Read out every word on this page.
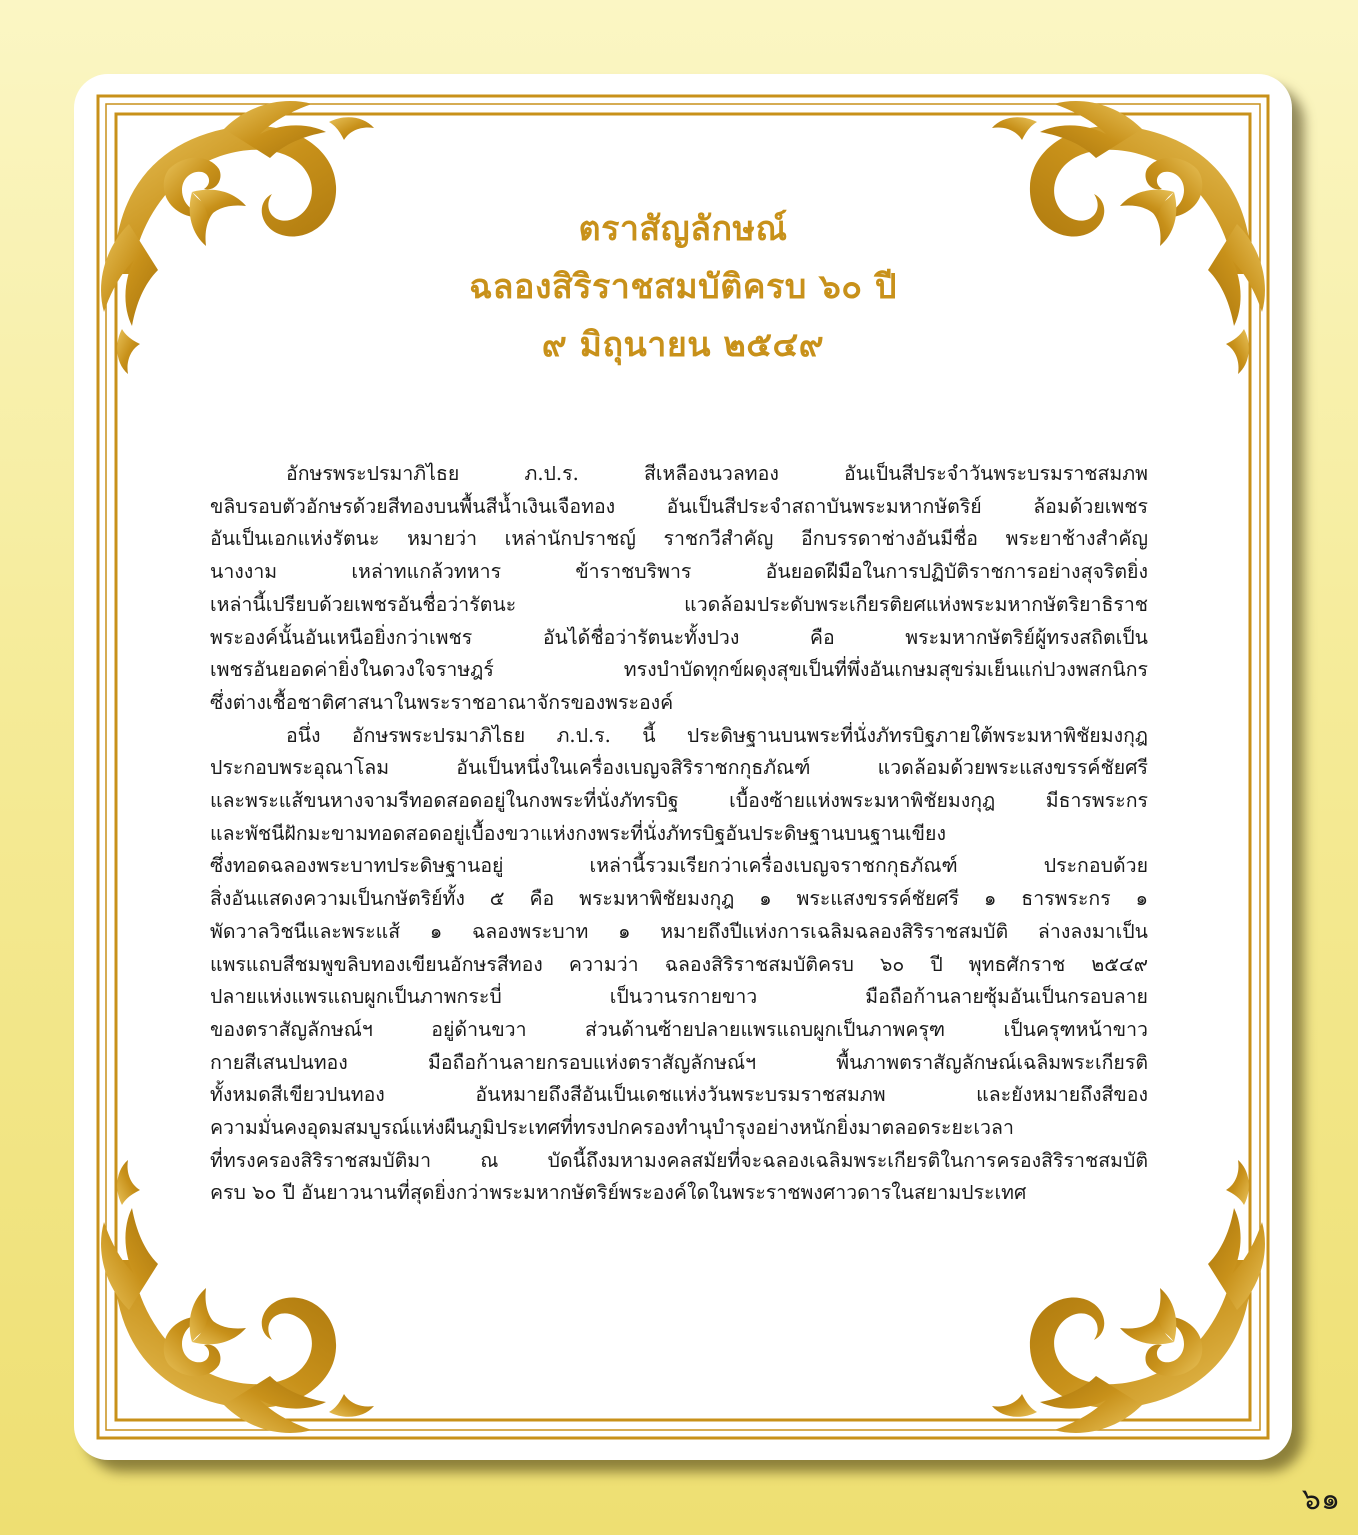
ตราสัญลักษณ์
ฉลองสิริราชสมบัติครบ ๖๐ ปี
๙ มิถุนายน ๒๕๔๙
อักษรพระปรมาภิไธย ภ.ป.ร. สีเหลืองนวลทอง อันเป็นสีประจำวันพระบรมราชสมภพ
ขลิบรอบตัวอักษรด้วยสีทองบนพื้นสีน้ำเงินเจือทอง อันเป็นสีประจำสถาบันพระมหากษัตริย์ ล้อมด้วยเพชร
อันเป็นเอกแห่งรัตนะ หมายว่า เหล่านักปราชญ์ ราชกวีสำคัญ อีกบรรดาช่างอันมีชื่อ พระยาช้างสำคัญ
นางงาม เหล่าทแกล้วทหาร ข้าราชบริพาร อันยอดฝีมือในการปฏิบัติราชการอย่างสุจริตยิ่ง
เหล่านี้เปรียบด้วยเพชรอันชื่อว่ารัตนะ แวดล้อมประดับพระเกียรติยศแห่งพระมหากษัตริยาธิราช
พระองค์นั้นอันเหนือยิ่งกว่าเพชร อันได้ชื่อว่ารัตนะทั้งปวง คือ พระมหากษัตริย์ผู้ทรงสถิตเป็น
เพชรอันยอดค่ายิ่งในดวงใจราษฎร์ ทรงบำบัดทุกข์ผดุงสุขเป็นที่พึ่งอันเกษมสุขร่มเย็นแก่ปวงพสกนิกร
ซึ่งต่างเชื้อชาติศาสนาในพระราชอาณาจักรของพระองค์
อนึ่ง อักษรพระปรมาภิไธย ภ.ป.ร. นี้ ประดิษฐานบนพระที่นั่งภัทรบิฐภายใต้พระมหาพิชัยมงกุฎ
ประกอบพระอุณาโลม อันเป็นหนึ่งในเครื่องเบญจสิริราชกกุธภัณฑ์ แวดล้อมด้วยพระแสงขรรค์ชัยศรี
และพระแส้ขนหางจามรีทอดสอดอยู่ในกงพระที่นั่งภัทรบิฐ เบื้องซ้ายแห่งพระมหาพิชัยมงกุฎ มีธารพระกร
และพัชนีฝักมะขามทอดสอดอยู่เบื้องขวาแห่งกงพระที่นั่งภัทรบิฐอันประดิษฐานบนฐานเขียง
ซึ่งทอดฉลองพระบาทประดิษฐานอยู่ เหล่านี้รวมเรียกว่าเครื่องเบญจราชกกุธภัณฑ์ ประกอบด้วย
สิ่งอันแสดงความเป็นกษัตริย์ทั้ง ๕ คือ พระมหาพิชัยมงกุฎ ๑ พระแสงขรรค์ชัยศรี ๑ ธารพระกร ๑
พัดวาลวิชนีและพระแส้ ๑ ฉลองพระบาท ๑ หมายถึงปีแห่งการเฉลิมฉลองสิริราชสมบัติ ล่างลงมาเป็น
แพรแถบสีชมพูขลิบทองเขียนอักษรสีทอง ความว่า ฉลองสิริราชสมบัติครบ ๖๐ ปี พุทธศักราช ๒๕๔๙
ปลายแห่งแพรแถบผูกเป็นภาพกระบี่ เป็นวานรกายขาว มือถือก้านลายซุ้มอันเป็นกรอบลาย
ของตราสัญลักษณ์ฯ อยู่ด้านขวา ส่วนด้านซ้ายปลายแพรแถบผูกเป็นภาพครุฑ เป็นครุฑหน้าขาว
กายสีเสนปนทอง มือถือก้านลายกรอบแห่งตราสัญลักษณ์ฯ พื้นภาพตราสัญลักษณ์เฉลิมพระเกียรติ
ทั้งหมดสีเขียวปนทอง อันหมายถึงสีอันเป็นเดชแห่งวันพระบรมราชสมภพ และยังหมายถึงสีของ
ความมั่นคงอุดมสมบูรณ์แห่งผืนภูมิประเทศที่ทรงปกครองทำนุบำรุงอย่างหนักยิ่งมาตลอดระยะเวลา
ที่ทรงครองสิริราชสมบัติมา ณ บัดนี้ถึงมหามงคลสมัยที่จะฉลองเฉลิมพระเกียรติในการครองสิริราชสมบัติ
ครบ ๖๐ ปี อันยาวนานที่สุดยิ่งกว่าพระมหากษัตริย์พระองค์ใดในพระราชพงศาวดารในสยามประเทศ
๖๑
